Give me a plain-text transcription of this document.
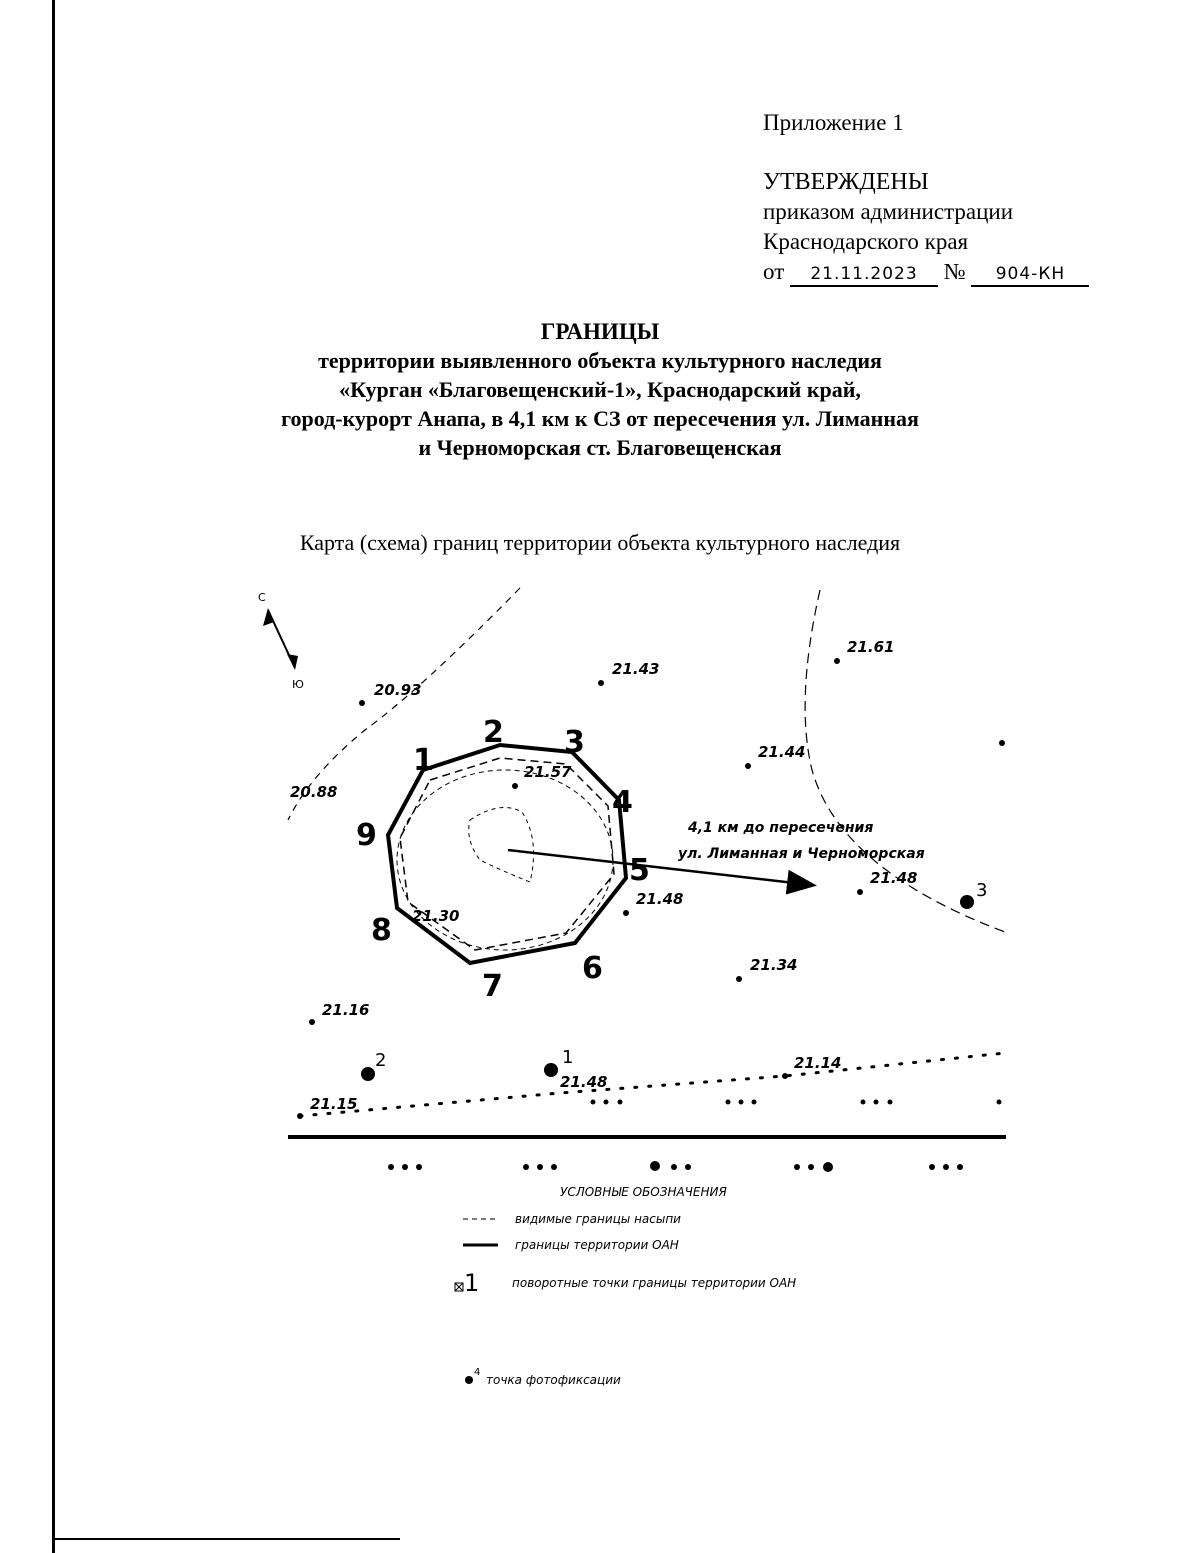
Приложение 1
УТВЕРЖДЕНЫ
приказом администрации
Краснодарского края
от 21.11.2023 № 904-КН
ГРАНИЦЫ
территории выявленного объекта культурного наследия
«Курган «Благовещенский-1», Краснодарский край,
город-курорт Анапа, в 4,1 км к СЗ от пересечения ул. Лиманная
и Черноморская ст. Благовещенская
Карта (схема) границ территории объекта культурного наследия
С
Ю
4,1 км до пересечения
ул. Лиманная и Черноморская
20.93
21.43
21.61
21.57
21.44
20.88
21.48
21.48
21.30
21.34
21.16
21.48
21.14
21.15
1
2 3
4
5
6
7
8
9
1
2
3
УСЛОВНЫЕ ОБОЗНАЧЕНИЯ
видимые границы насыпи
границы территории ОАН
1	поворотные точки границы территории ОАН
4
точка фотофиксации
